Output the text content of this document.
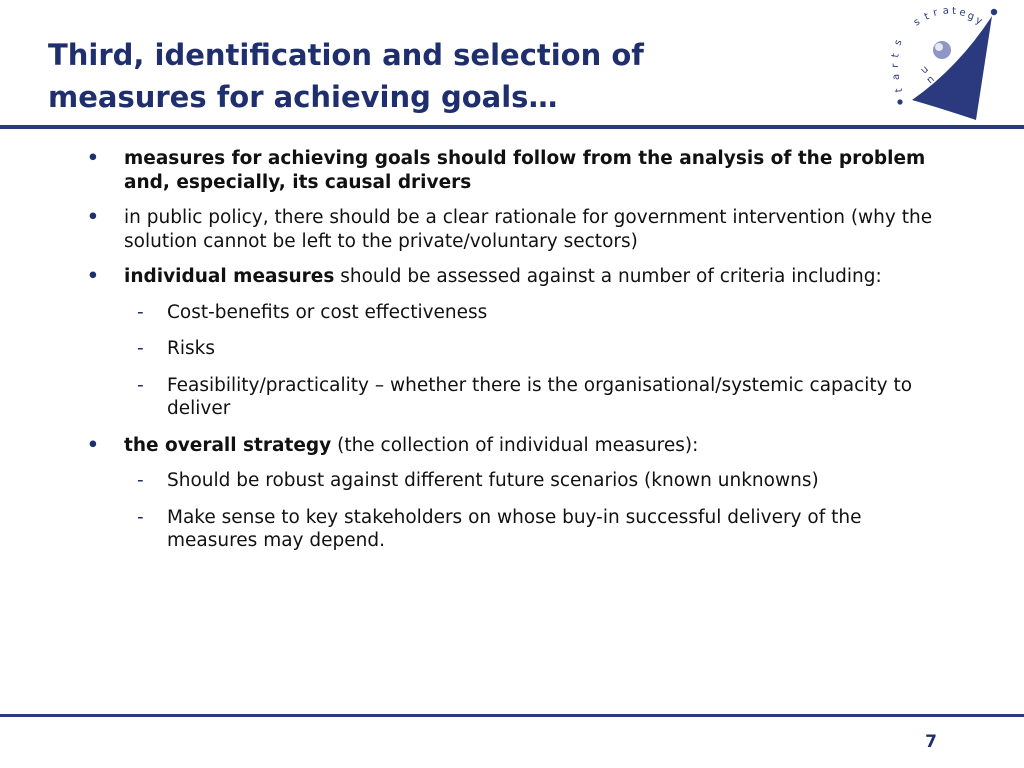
Third, identification and selection of
measures for achieving goals…
s t r a t e g
y
s
t
r
a
t
u
n
i
t
• measures for achieving goals should follow from the analysis of the problem and, especially, its causal drivers
• in public policy, there should be a clear rationale for government intervention (why the solution cannot be left to the private/voluntary sectors)
• individual measures should be assessed against a number of criteria including:
- Cost-benefits or cost effectiveness
- Risks
- Feasibility/practicality – whether there is the organisational/systemic capacity to deliver
• the overall strategy (the collection of individual measures):
- Should be robust against different future scenarios (known unknowns)
- Make sense to key stakeholders on whose buy-in successful delivery of the measures may depend.
7
